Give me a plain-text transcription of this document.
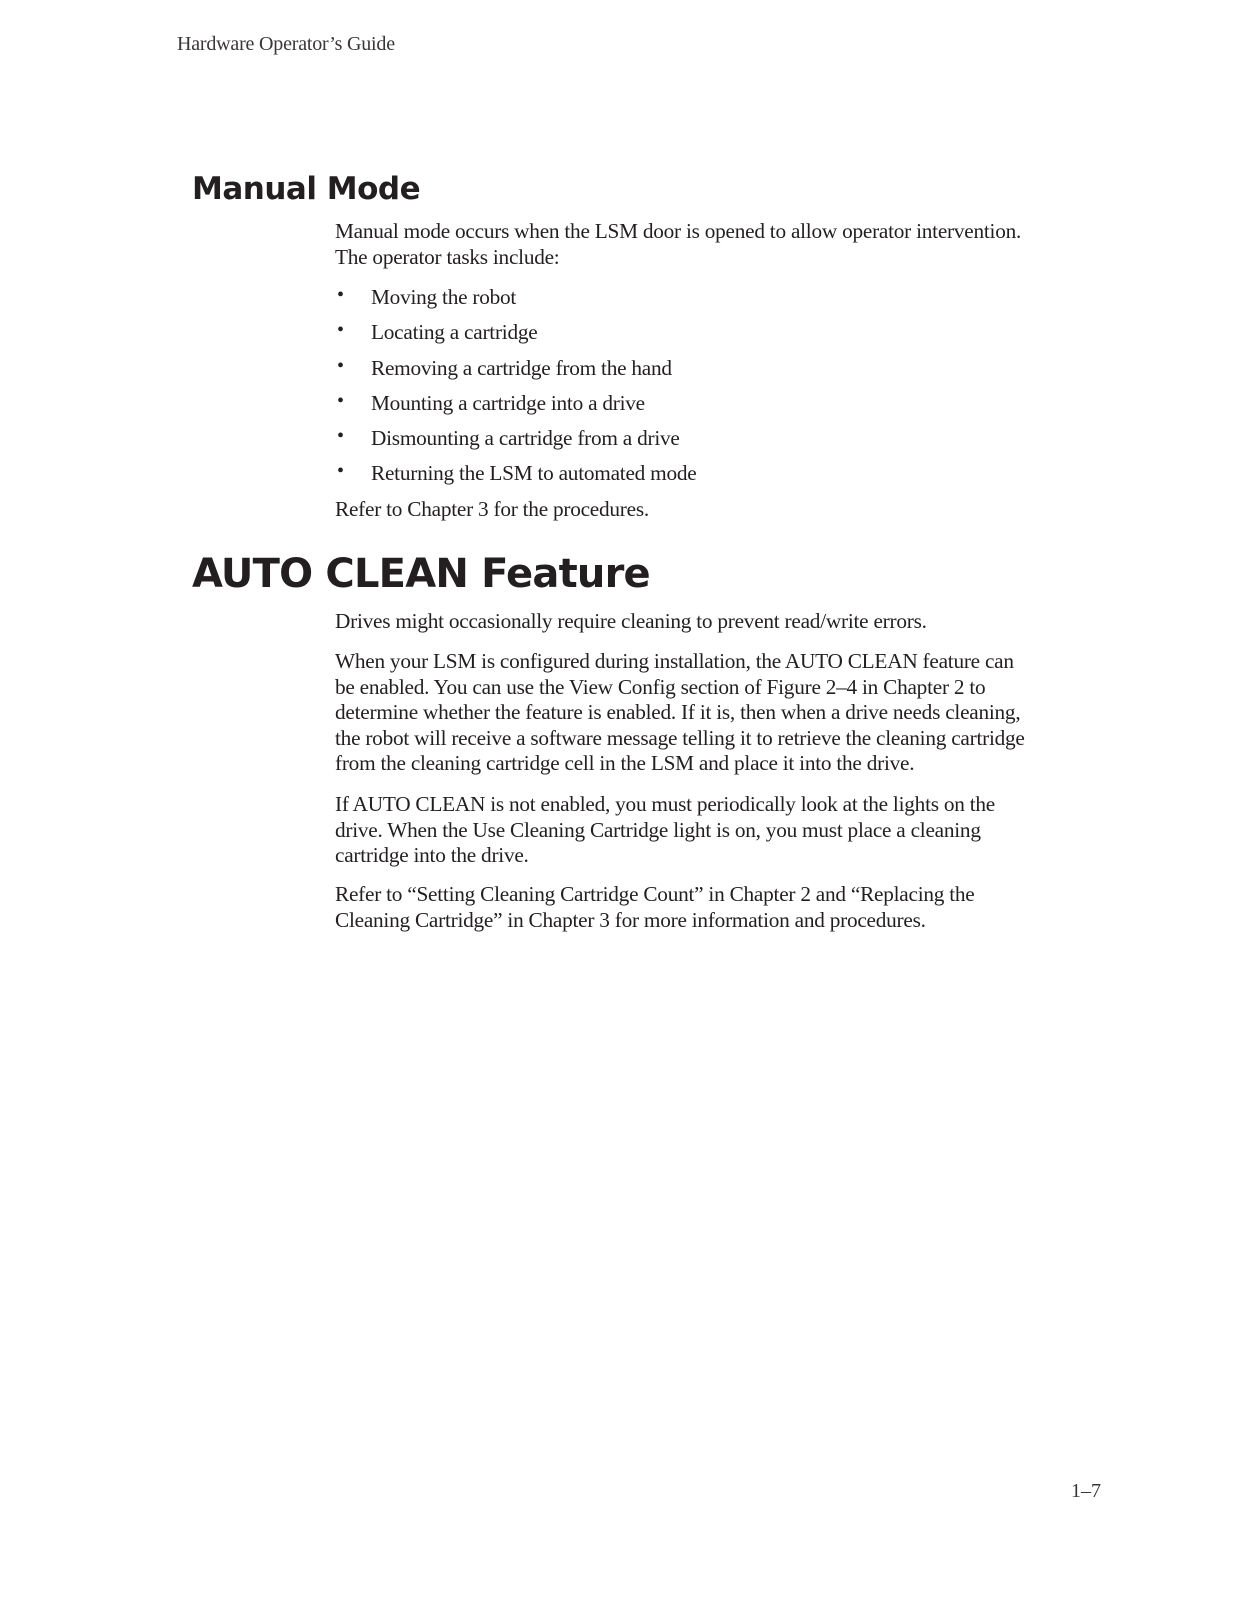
Hardware Operator’s Guide
Manual Mode

Manual mode occurs when the LSM door is opened to allow operator intervention.

The operator tasks include:

• Moving the robot
• Locating a cartridge
• Removing a cartridge from the hand
• Mounting a cartridge into a drive
• Dismounting a cartridge from a drive
• Returning the LSM to automated mode

Refer to Chapter 3 for the procedures.

AUTO CLEAN Feature

Drives might occasionally require cleaning to prevent read/write errors.

When your LSM is configured during installation, the AUTO CLEAN feature can

be enabled. You can use the View Config section of Figure 2–4 in Chapter 2 to

determine whether the feature is enabled. If it is, then when a drive needs cleaning,

the robot will receive a software message telling it to retrieve the cleaning cartridge

from the cleaning cartridge cell in the LSM and place it into the drive.

If AUTO CLEAN is not enabled, you must periodically look at the lights on the

drive. When the Use Cleaning Cartridge light is on, you must place a cleaning

cartridge into the drive.

Refer to “Setting Cleaning Cartridge Count” in Chapter 2 and “Replacing the

Cleaning Cartridge” in Chapter 3 for more information and procedures.

1–7
